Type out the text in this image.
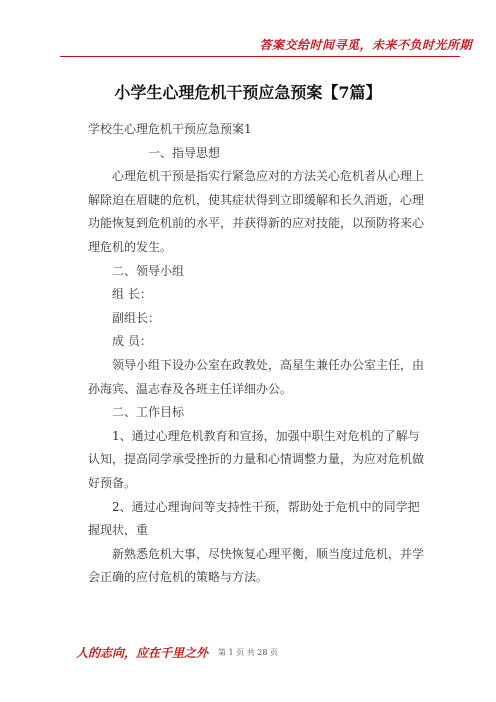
答案交给时间寻觅，未来不负时光所期
小学生心理危机干预应急预案【7篇】

学校生心理危机干预应急预案1

一、指导思想

心理危机干预是指实行紧急应对的方法关心危机者从心理上解除迫在眉睫的危机，使其症状得到立即缓解和长久消逝，心理功能恢复到危机前的水平，并获得新的应对技能，以预防将来心理危机的发生。

二、领导小组

组 长：

副组长：

成 员：

领导小组下设办公室在政教处，高星生兼任办公室主任，由孙海宾、温志春及各班主任详细办公。

二、工作目标

1、通过心理危机教育和宣扬，加强中职生对危机的了解与认知，提高同学承受挫折的力量和心情调整力量，为应对危机做好预备。

2、通过心理询问等支持性干预，帮助处于危机中的同学把握现状，重

新熟悉危机大事，尽快恢复心理平衡，顺当度过危机，并学会正确的应付危机的策略与方法。

人的志向，应在千里之外 第 1 页 共 28 页
